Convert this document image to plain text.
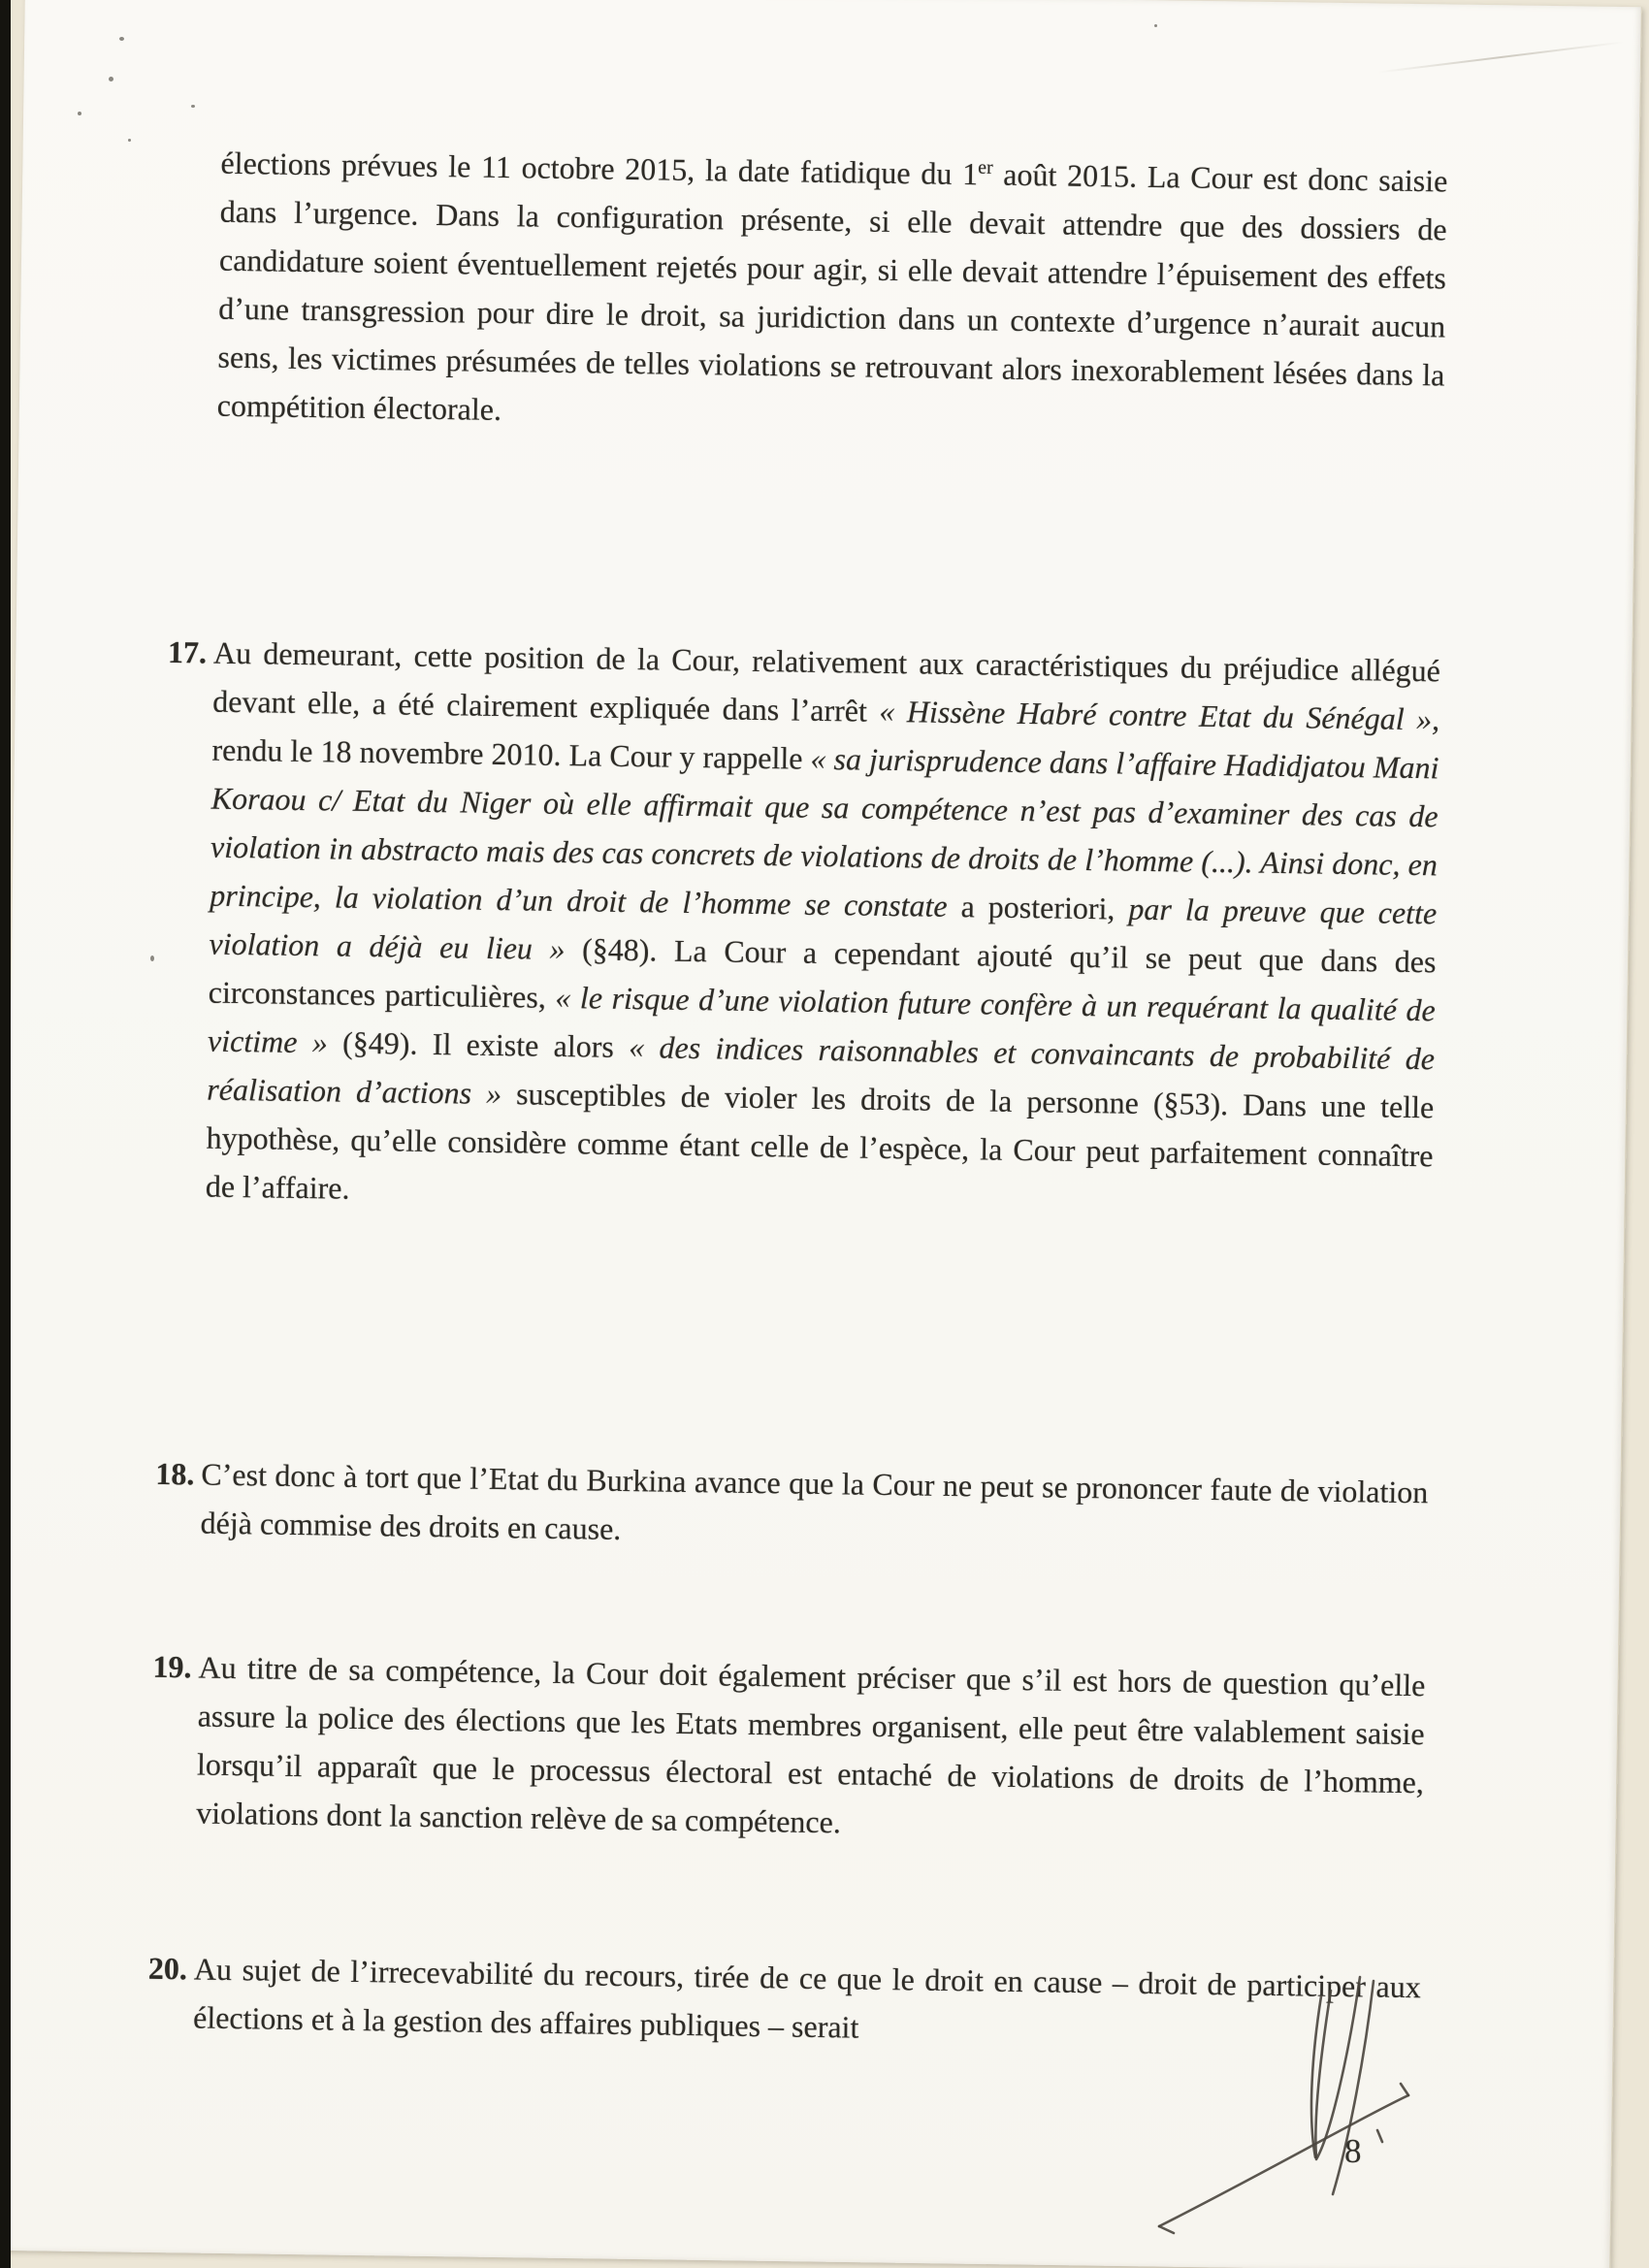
élections prévues le 11 octobre 2015, la date fatidique du 1er août 2015. La Cour est donc saisie dans l’urgence. Dans la configuration présente, si elle devait attendre que des dossiers de candidature soient éventuellement rejetés pour agir, si elle devait attendre l’épuisement des effets d’une transgression pour dire le droit, sa juridiction dans un contexte d’urgence n’aurait aucun sens, les victimes présumées de telles violations se retrouvant alors inexorablement lésées dans la compétition électorale.
17. Au demeurant, cette position de la Cour, relativement aux caractéristiques du préjudice allégué devant elle, a été clairement expliquée dans l’arrêt « Hissène Habré contre Etat du Sénégal », rendu le 18 novembre 2010. La Cour y rappelle « sa jurisprudence dans l’affaire Hadidjatou Mani Koraou c/ Etat du Niger où elle affirmait que sa compétence n’est pas d’examiner des cas de violation in abstracto mais des cas concrets de violations de droits de l’homme (...). Ainsi donc, en principe, la violation d’un droit de l’homme se constate a posteriori, par la preuve que cette violation a déjà eu lieu » (§48). La Cour a cependant ajouté qu’il se peut que dans des circonstances particulières, « le risque d’une violation future confère à un requérant la qualité de victime » (§49). Il existe alors « des indices raisonnables et convaincants de probabilité de réalisation d’actions » susceptibles de violer les droits de la personne (§53). Dans une telle hypothèse, qu’elle considère comme étant celle de l’espèce, la Cour peut parfaitement connaître de l’affaire.
18. C’est donc à tort que l’Etat du Burkina avance que la Cour ne peut se prononcer faute de violation déjà commise des droits en cause.
19. Au titre de sa compétence, la Cour doit également préciser que s’il est hors de question qu’elle assure la police des élections que les Etats membres organisent, elle peut être valablement saisie lorsqu’il apparaît que le processus électoral est entaché de violations de droits de l’homme, violations dont la sanction relève de sa compétence.
20. Au sujet de l’irrecevabilité du recours, tirée de ce que le droit en cause – droit de participer aux élections et à la gestion des affaires publiques – serait
8
